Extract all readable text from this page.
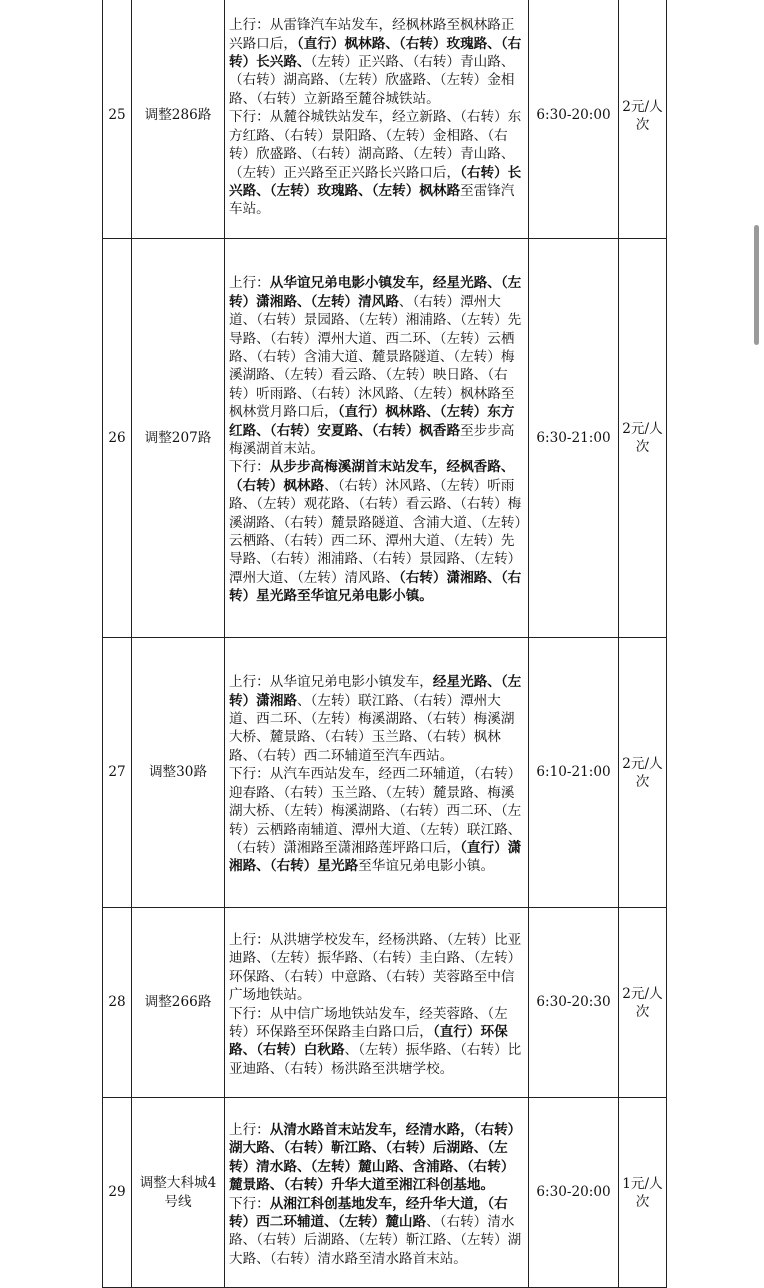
25	调整286路	上行：从雷锋汽车站发车，经枫林路至枫林路正兴路口后，（直行）枫林路、（右转）玫瑰路、（右转）长兴路、（左转）正兴路、（右转）青山路、（右转）湖高路、（左转）欣盛路、（左转）金相路、（右转）立新路至麓谷城铁站。
下行：从麓谷城铁站发车，经立新路、（右转）东方红路、（右转）景阳路、（左转）金相路、（右转）欣盛路、（右转）湖高路、（左转）青山路、（左转）正兴路至正兴路长兴路口后，（右转）长兴路、（左转）玫瑰路、（左转）枫林路至雷锋汽车站。	6:30-20:00	2元/人次
26	调整207路	上行：从华谊兄弟电影小镇发车，经星光路、（左转）潇湘路、（左转）清风路、（右转）潭州大道、（右转）景园路、（左转）湘浦路、（左转）先导路、（右转）潭州大道、西二环、（左转）云栖路、（右转）含浦大道、麓景路隧道、（左转）梅溪湖路、（左转）看云路、（左转）映日路、（右转）听雨路、（右转）沐风路、（左转）枫林路至枫林赏月路口后，（直行）枫林路、（左转）东方红路、（右转）安夏路、（右转）枫香路至步步高梅溪湖首末站。
下行：从步步高梅溪湖首末站发车，经枫香路、（右转）枫林路、（右转）沐风路、（左转）听雨路、（左转）观花路、（右转）看云路、（右转）梅溪湖路、（右转）麓景路隧道、含浦大道、（左转）云栖路、（右转）西二环、潭州大道、（左转）先导路、（右转）湘浦路、（右转）景园路、（左转）潭州大道、（左转）清风路、（右转）潇湘路、（右转）星光路至华谊兄弟电影小镇。	6:30-21:00	2元/人次
27	调整30路	上行：从华谊兄弟电影小镇发车，经星光路、（左转）潇湘路、（左转）联江路、（右转）潭州大道、西二环、（左转）梅溪湖路、（右转）梅溪湖大桥、麓景路、（右转）玉兰路、（右转）枫林路、（右转）西二环辅道至汽车西站。
下行：从汽车西站发车，经西二环辅道，（右转）迎春路、（右转）玉兰路、（左转）麓景路、梅溪湖大桥、（左转）梅溪湖路、（右转）西二环、（左转）云栖路南辅道、潭州大道、（左转）联江路、（右转）潇湘路至潇湘路莲坪路口后，（直行）潇湘路、（右转）星光路至华谊兄弟电影小镇。	6:10-21:00	2元/人次
28	调整266路	上行：从洪塘学校发车，经杨洪路、（左转）比亚迪路、（左转）振华路、（右转）圭白路、（左转）环保路、（右转）中意路、（右转）芙蓉路至中信广场地铁站。
下行：从中信广场地铁站发车，经芙蓉路、（左转）环保路至环保路圭白路口后，（直行）环保路、（右转）白秋路、（左转）振华路、（右转）比亚迪路、（右转）杨洪路至洪塘学校。	6:30-20:30	2元/人次
29	调整大科城4号线	上行：从清水路首末站发车，经清水路，（右转）湖大路、（右转）靳江路、（右转）后湖路、（左转）清水路、（左转）麓山路、含浦路、（右转）麓景路、（右转）升华大道至湘江科创基地。
下行：从湘江科创基地发车，经升华大道，（右转）西二环辅道、（左转）麓山路、（右转）清水路、（右转）后湖路、（左转）靳江路、（左转）湖大路、（右转）清水路至清水路首末站。	6:30-20:00	1元/人次
